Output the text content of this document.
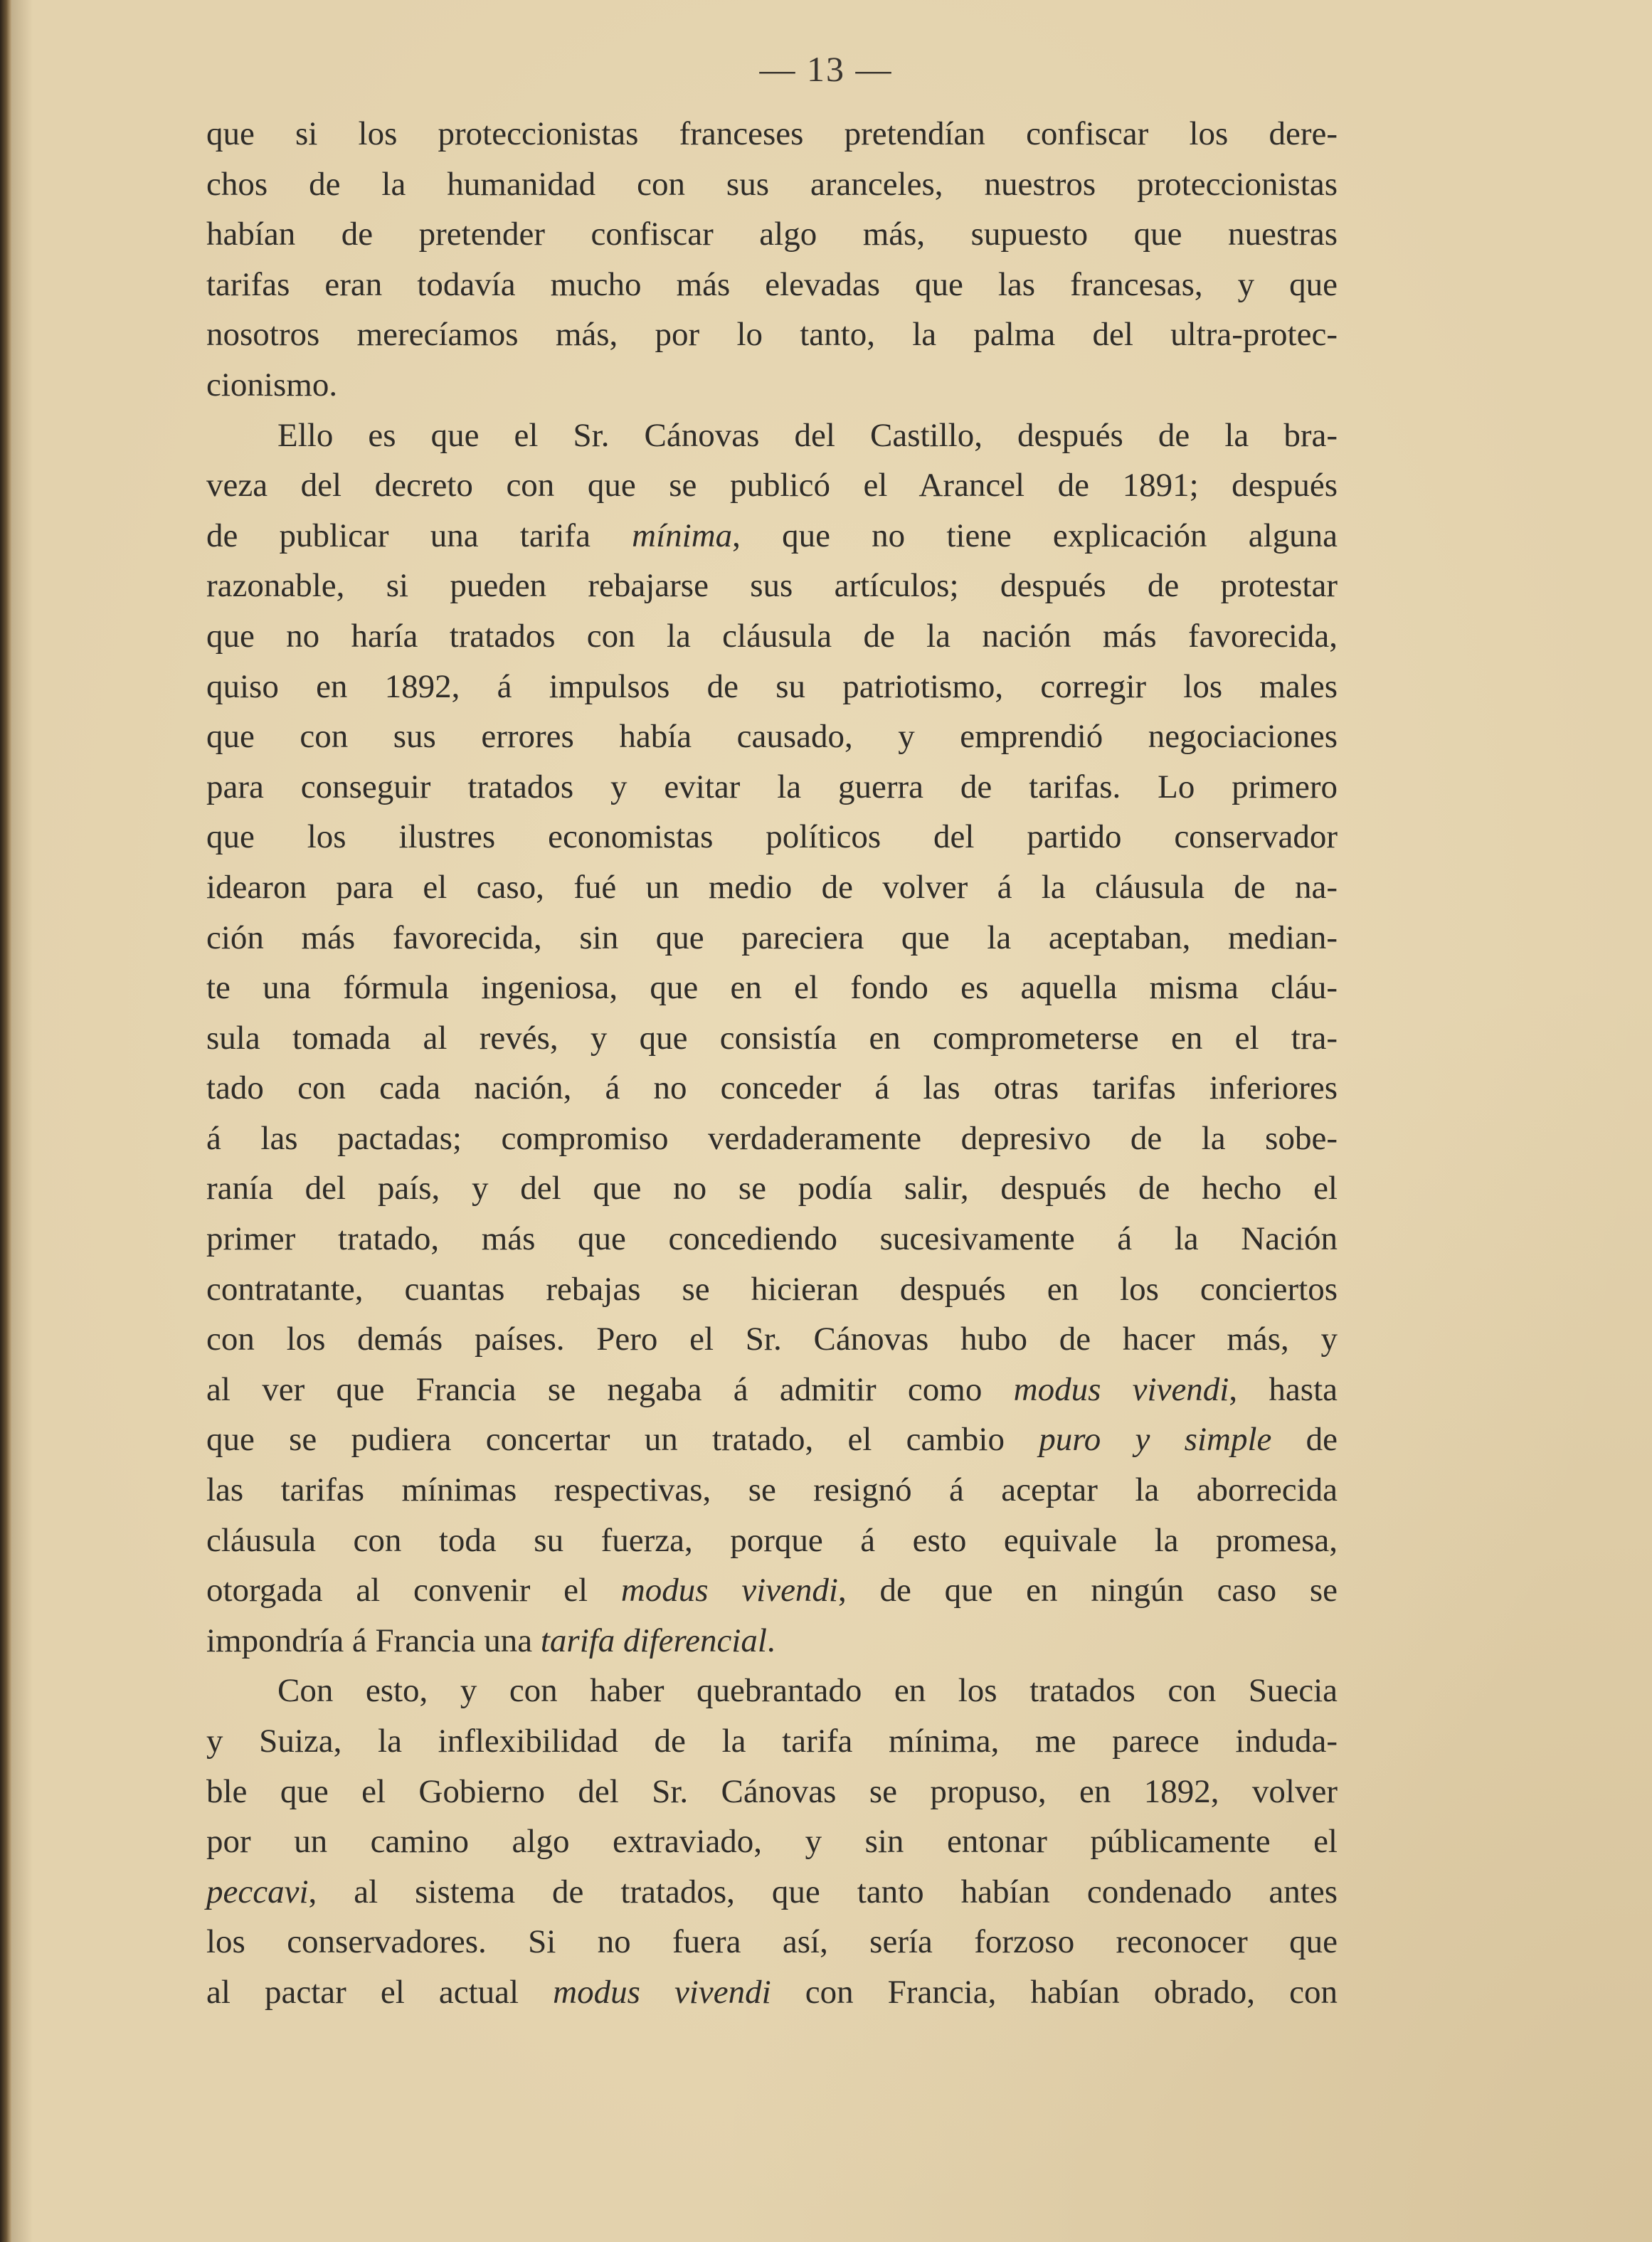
— 13 —
que si los proteccionistas franceses pretendían confiscar los dere-
chos de la humanidad con sus aranceles, nuestros proteccionistas
habían de pretender confiscar algo más, supuesto que nuestras
tarifas eran todavía mucho más elevadas que las francesas, y que
nosotros merecíamos más, por lo tanto, la palma del ultra-protec-
cionismo.
Ello es que el Sr. Cánovas del Castillo, después de la bra-
veza del decreto con que se publicó el Arancel de 1891; después
de publicar una tarifa mínima, que no tiene explicación alguna
razonable, si pueden rebajarse sus artículos; después de protestar
que no haría tratados con la cláusula de la nación más favorecida,
quiso en 1892, á impulsos de su patriotismo, corregir los males
que con sus errores había causado, y emprendió negociaciones
para conseguir tratados y evitar la guerra de tarifas. Lo primero
que los ilustres economistas políticos del partido conservador
idearon para el caso, fué un medio de volver á la cláusula de na-
ción más favorecida, sin que pareciera que la aceptaban, median-
te una fórmula ingeniosa, que en el fondo es aquella misma cláu-
sula tomada al revés, y que consistía en comprometerse en el tra-
tado con cada nación, á no conceder á las otras tarifas inferiores
á las pactadas; compromiso verdaderamente depresivo de la sobe-
ranía del país, y del que no se podía salir, después de hecho el
primer tratado, más que concediendo sucesivamente á la Nación
contratante, cuantas rebajas se hicieran después en los conciertos
con los demás países. Pero el Sr. Cánovas hubo de hacer más, y
al ver que Francia se negaba á admitir como modus vivendi, hasta
que se pudiera concertar un tratado, el cambio puro y simple de
las tarifas mínimas respectivas, se resignó á aceptar la aborrecida
cláusula con toda su fuerza, porque á esto equivale la promesa,
otorgada al convenir el modus vivendi, de que en ningún caso se
impondría á Francia una tarifa diferencial.
Con esto, y con haber quebrantado en los tratados con Suecia
y Suiza, la inflexibilidad de la tarifa mínima, me parece induda-
ble que el Gobierno del Sr. Cánovas se propuso, en 1892, volver
por un camino algo extraviado, y sin entonar públicamente el
peccavi, al sistema de tratados, que tanto habían condenado antes
los conservadores. Si no fuera así, sería forzoso reconocer que
al pactar el actual modus vivendi con Francia, habían obrado, con
